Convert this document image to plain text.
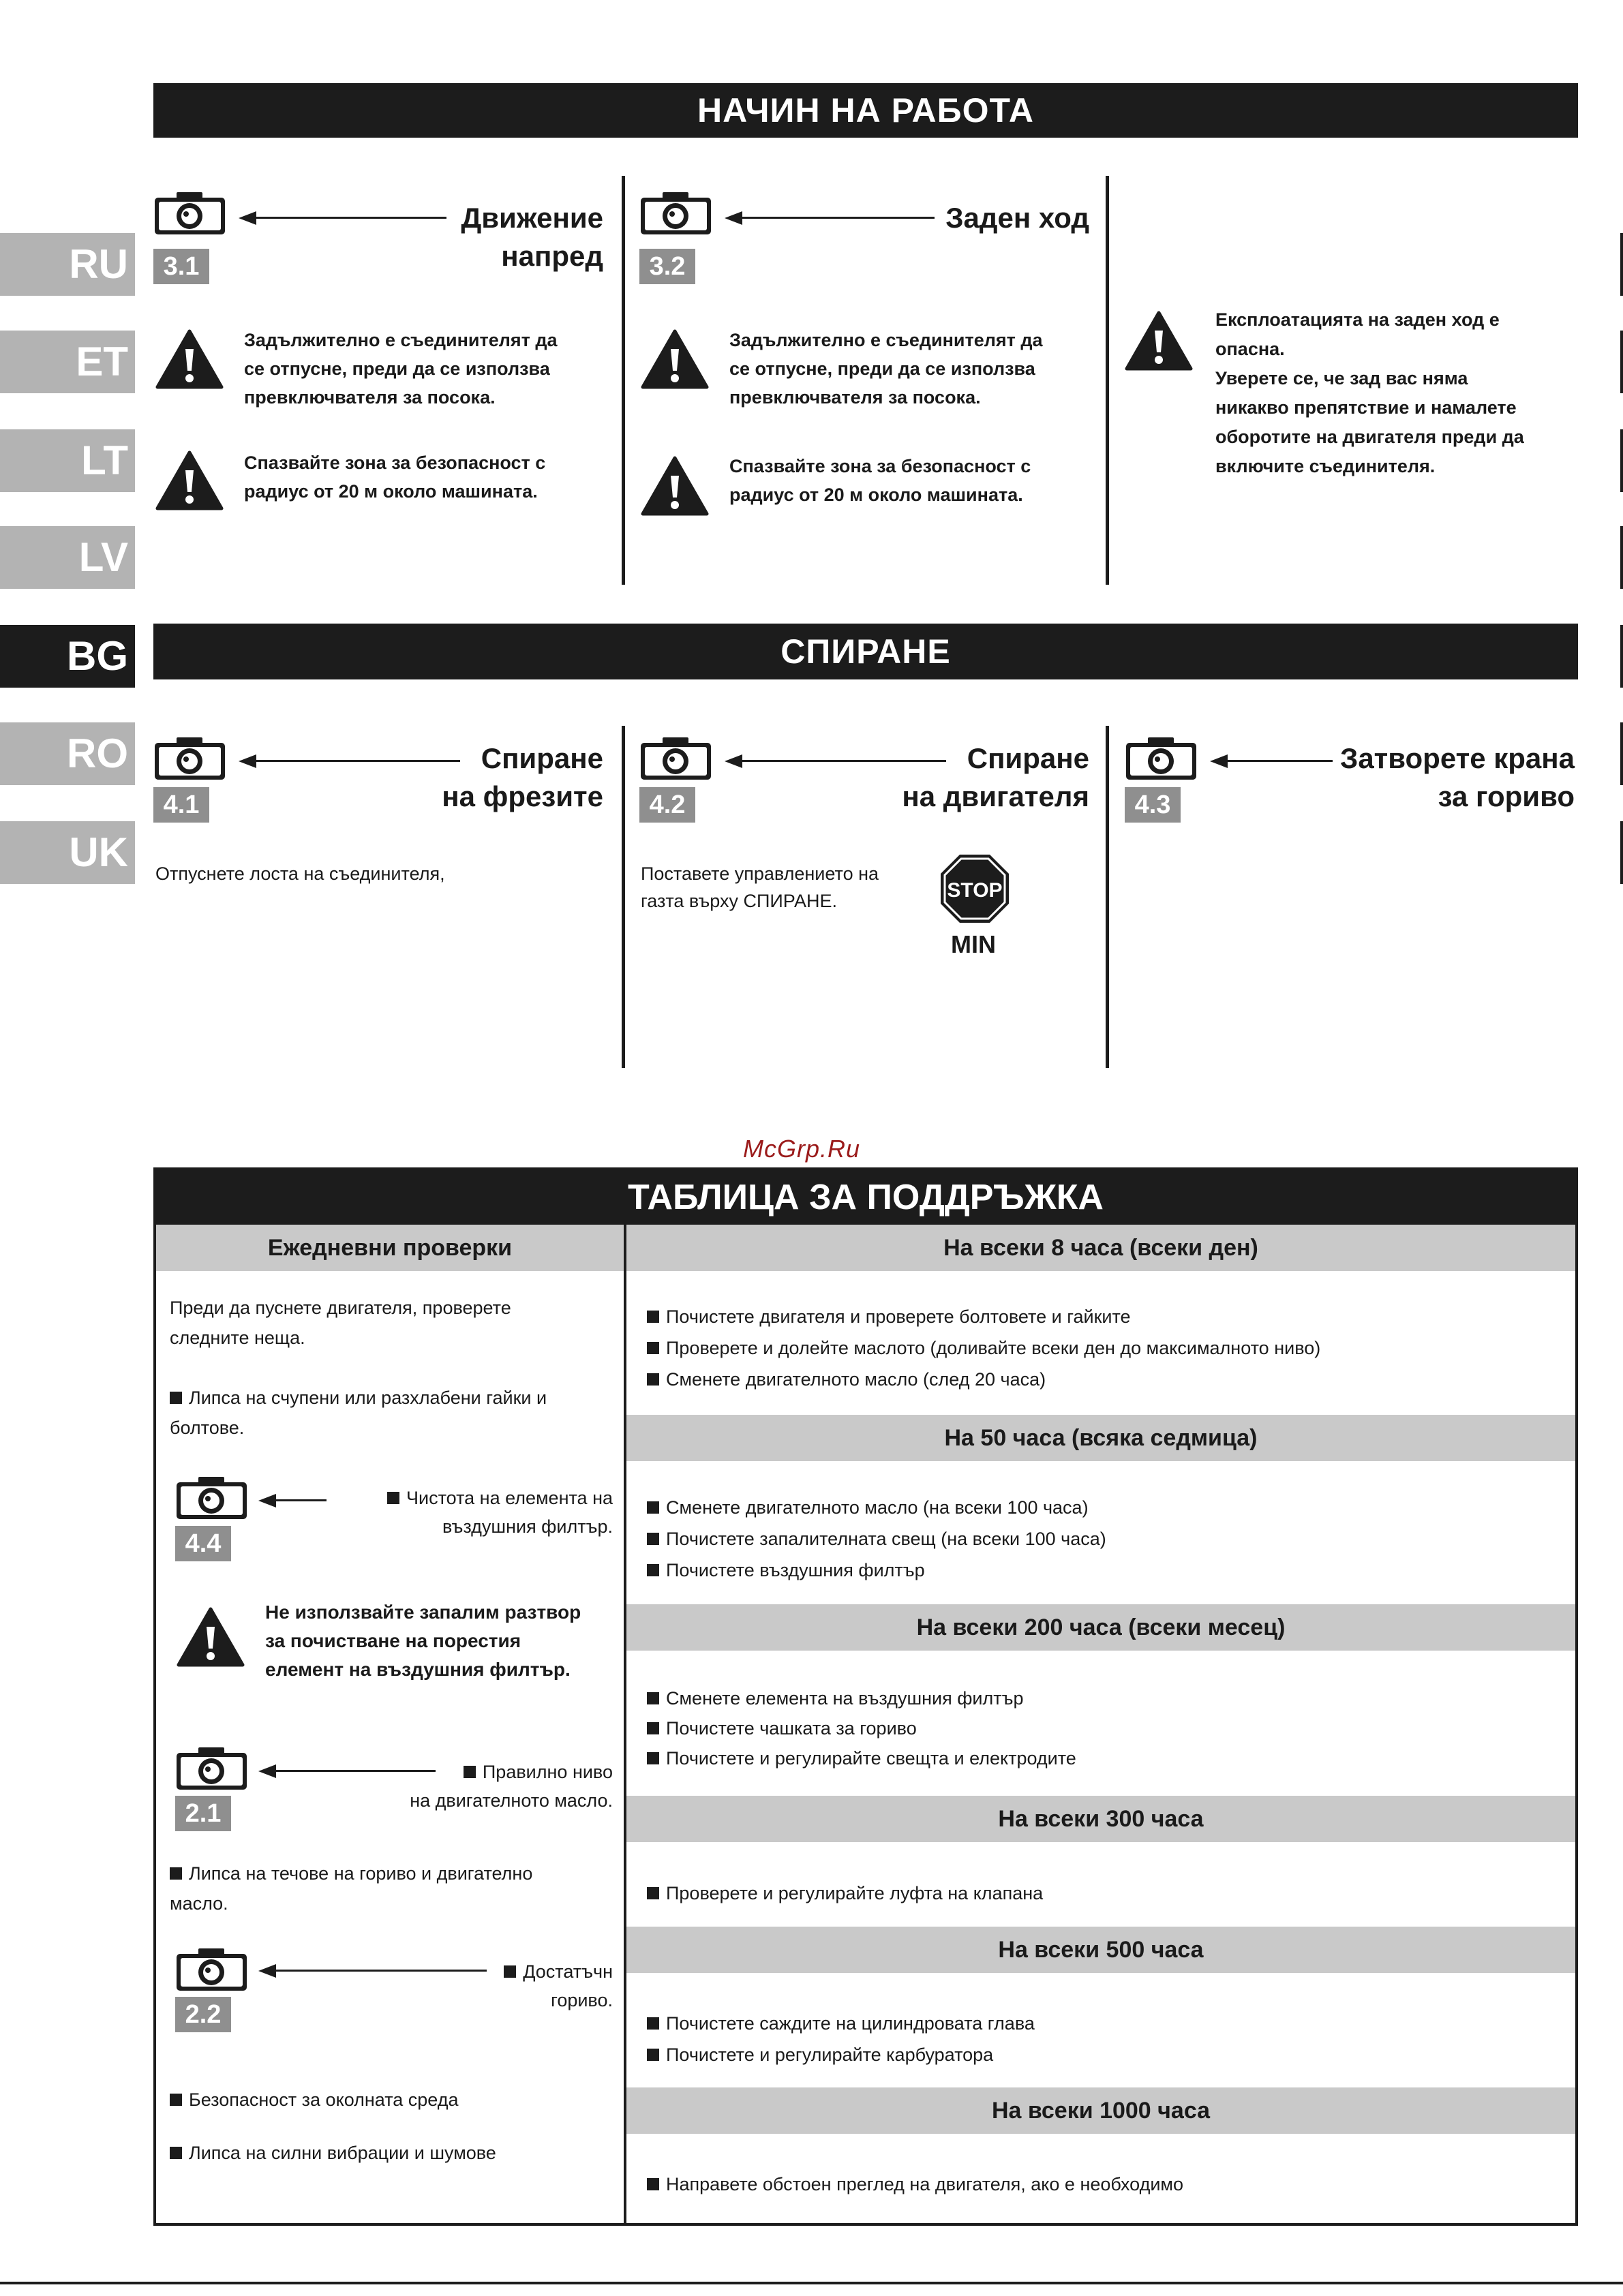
RU
ET
LT
LV
BG
RO
UK
НАЧИН НА РАБОТА
3.1
Движение
напред
Задължително е съединителят да
се отпусне, преди да се използва
превключвателя за посока.
Спазвайте зона за безопасност с
радиус от 20 м около машината.
3.2
Заден ход
Задължително е съединителят да
се отпусне, преди да се използва
превключвателя за посока.
Спазвайте зона за безопасност с
радиус от 20 м около машината.
Експлоатацията на заден ход е
опасна.
Уверете се, че зад вас няма
никакво препятствие и намалете
оборотите на двигателя преди да
включите съединителя.
СПИРАНЕ
4.1
Спиране
на фрезите
Отпуснете лоста на съединителя,
4.2
Спиране
на двигателя
Поставете управлението на
газта върху СПИРАНЕ.	STOP
MIN
4.3
Затворете крана
за гориво
McGrp.Ru
ТАБЛИЦА ЗА ПОДДРЪЖКА
Ежедневни проверки
Преди да пуснете двигателя, проверете
следните неща.
Липса на счупени или разхлабени гайки и
болтове.
4.4
Чистота на елемента на
въздушния филтър.
Не използвайте запалим разтвор
за почистване на порестия
елемент на въздушния филтър.
2.1
Правилно ниво
на двигателното масло.
Липса на течове на гориво и двигателно
масло.
2.2
Достатъчн
гориво.
Безопасност за околната среда
Липса на силни вибрации и шумове
На всеки 8 часа (всеки ден)
Почистете двигателя и проверете болтовете и гайките
Проверете и долейте маслото (доливайте всеки ден до максималното ниво)
Сменете двигателното масло (след 20 часа)
На 50 часа (всяка седмица)
Сменете двигателното масло (на всеки 100 часа)
Почистете запалителната свещ (на всеки 100 часа)
Почистете въздушния филтър
На всеки 200 часа (всеки месец)
Сменете елемента на въздушния филтър
Почистете чашката за гориво
Почистете и регулирайте свещта и електродите
На всеки 300 часа
Проверете и регулирайте луфта на клапана
На всеки 500 часа
Почистете саждите на цилиндровата глава
Почистете и регулирайте карбуратора
На всеки 1000 часа
Направете обстоен преглед на двигателя, ако е необходимо
